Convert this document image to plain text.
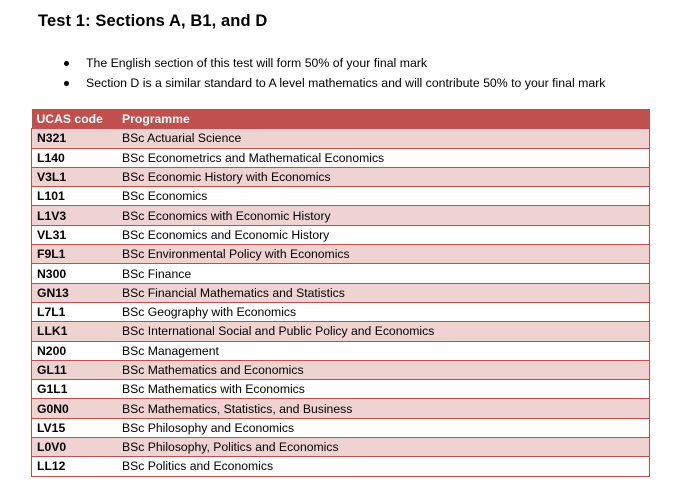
Test 1: Sections A, B1, and D
The English section of this test will form 50% of your final mark
Section D is a similar standard to A level mathematics and will contribute 50% to your final mark
UCAS code	Programme
N321	BSc Actuarial Science
L140	BSc Econometrics and Mathematical Economics
V3L1	BSc Economic History with Economics
L101	BSc Economics
L1V3	BSc Economics with Economic History
VL31	BSc Economics and Economic History
F9L1	BSc Environmental Policy with Economics
N300	BSc Finance
GN13	BSc Financial Mathematics and Statistics
L7L1	BSc Geography with Economics
LLK1	BSc International Social and Public Policy and Economics
N200	BSc Management
GL11	BSc Mathematics and Economics
G1L1	BSc Mathematics with Economics
G0N0	BSc Mathematics, Statistics, and Business
LV15	BSc Philosophy and Economics
L0V0	BSc Philosophy, Politics and Economics
LL12	BSc Politics and Economics
